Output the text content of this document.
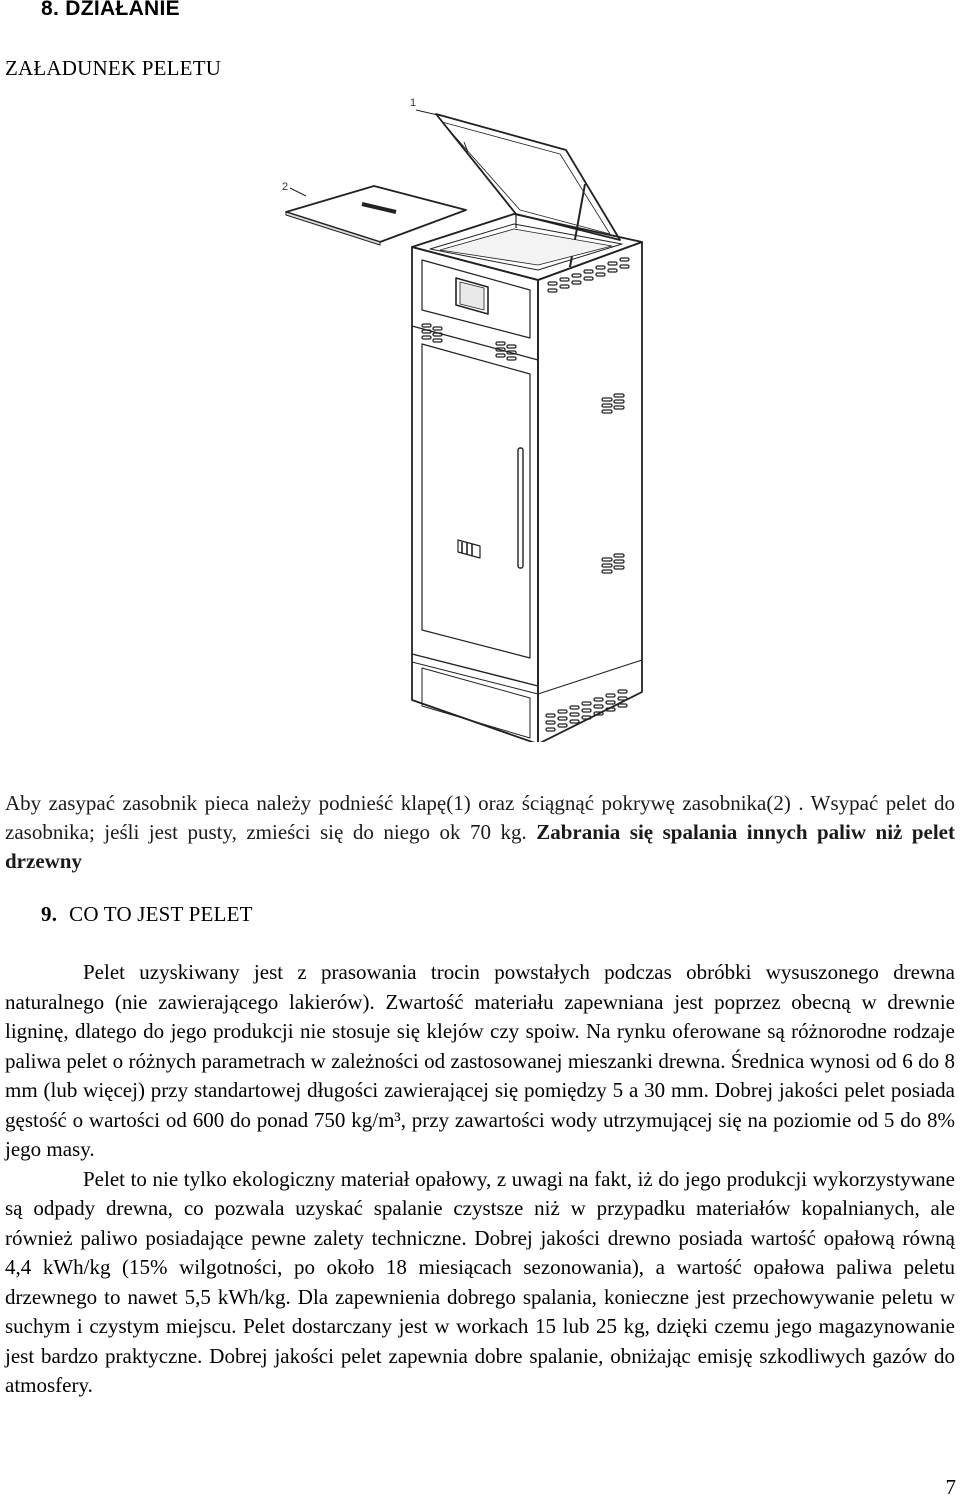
8. DZIAŁANIE
ZAŁADUNEK PELETU
1
2
Aby zasypać zasobnik pieca należy podnieść klapę(1) oraz ściągnąć pokrywę zasobnika(2) . Wsypać pelet do zasobnika; jeśli jest pusty, zmieści się do niego ok 70 kg. Zabrania się spalania innych paliw niż pelet drzewny
9. CO TO JEST PELET

Pelet uzyskiwany jest z prasowania trocin powstałych podczas obróbki wysuszonego drewna naturalnego (nie zawierającego lakierów). Zwartość materiału zapewniana jest poprzez obecną w drewnie ligninę, dlatego do jego produkcji nie stosuje się klejów czy spoiw. Na rynku oferowane są różnorodne rodzaje paliwa pelet o różnych parametrach w zależności od zastosowanej mieszanki drewna. Średnica wynosi od 6 do 8 mm (lub więcej) przy standartowej długości zawierającej się pomiędzy 5 a 30 mm. Dobrej jakości pelet posiada gęstość o wartości od 600 do ponad 750 kg/m³, przy zawartości wody utrzymującej się na poziomie od 5 do 8% jego masy.

Pelet to nie tylko ekologiczny materiał opałowy, z uwagi na fakt, iż do jego produkcji wykorzystywane są odpady drewna, co pozwala uzyskać spalanie czystsze niż w przypadku materiałów kopalnianych, ale również paliwo posiadające pewne zalety techniczne. Dobrej jakości drewno posiada wartość opałową równą 4,4 kWh/kg (15% wilgotności, po około 18 miesiącach sezonowania), a wartość opałowa paliwa peletu drzewnego to nawet 5,5 kWh/kg. Dla zapewnienia dobrego spalania, konieczne jest przechowywanie peletu w suchym i czystym miejscu. Pelet dostarczany jest w workach 15 lub 25 kg, dzięki czemu jego magazynowanie jest bardzo praktyczne. Dobrej jakości pelet zapewnia dobre spalanie, obniżając emisję szkodliwych gazów do atmosfery.

7
